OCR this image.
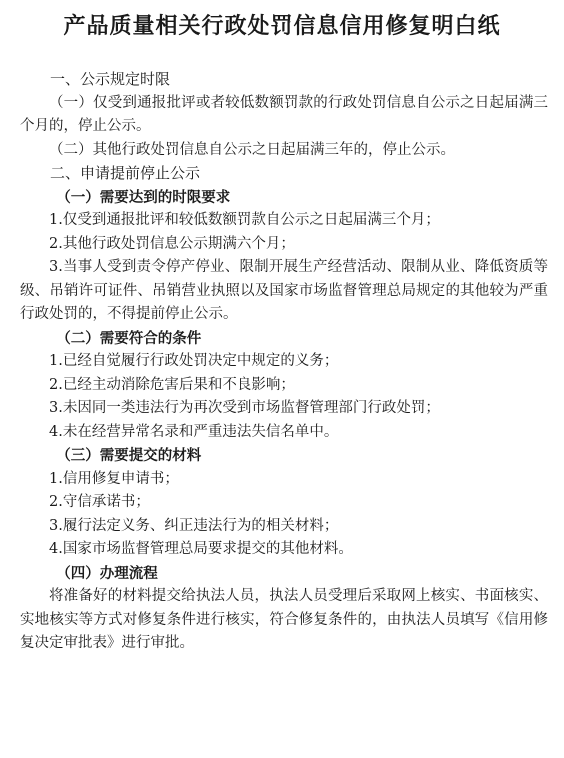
产品质量相关行政处罚信息信用修复明白纸
一、公示规定时限

（一）仅受到通报批评或者较低数额罚款的行政处罚信息自公示之日起届满三个月的，停止公示。

（二）其他行政处罚信息自公示之日起届满三年的，停止公示。

二、申请提前停止公示
（一）需要达到的时限要求

1.仅受到通报批评和较低数额罚款自公示之日起届满三个月；

2.其他行政处罚信息公示期满六个月；

3.当事人受到责令停产停业、限制开展生产经营活动、限制从业、降低资质等级、吊销许可证件、吊销营业执照以及国家市场监督管理总局规定的其他较为严重行政处罚的，不得提前停止公示。

（二）需要符合的条件

1.已经自觉履行行政处罚决定中规定的义务；

2.已经主动消除危害后果和不良影响；

3.未因同一类违法行为再次受到市场监督管理部门行政处罚；

4.未在经营异常名录和严重违法失信名单中。

（三）需要提交的材料

1.信用修复申请书；

2.守信承诺书；

3.履行法定义务、纠正违法行为的相关材料；

4.国家市场监督管理总局要求提交的其他材料。

（四）办理流程

将准备好的材料提交给执法人员，执法人员受理后采取网上核实、书面核实、实地核实等方式对修复条件进行核实，符合修复条件的，由执法人员填写《信用修复决定审批表》进行审批。
